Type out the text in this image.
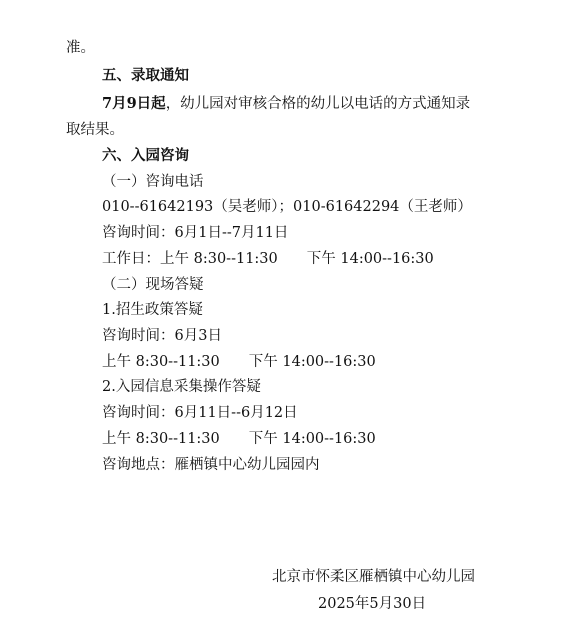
准。
五、录取通知
7月9日起，幼儿园对审核合格的幼儿以电话的方式通知录
取结果。
六、入园咨询
（一）咨询电话
010--61642193（吴老师）；010-61642294（王老师）
咨询时间：6月1日--7月11日
工作日：上午 8:30--11:30　　下午 14:00--16:30
（二）现场答疑
1.招生政策答疑
咨询时间：6月3日
上午 8:30--11:30　　下午 14:00--16:30
2.入园信息采集操作答疑
咨询时间：6月11日--6月12日
上午 8:30--11:30　　下午 14:00--16:30
咨询地点：雁栖镇中心幼儿园园内
北京市怀柔区雁栖镇中心幼儿园
2025年5月30日
